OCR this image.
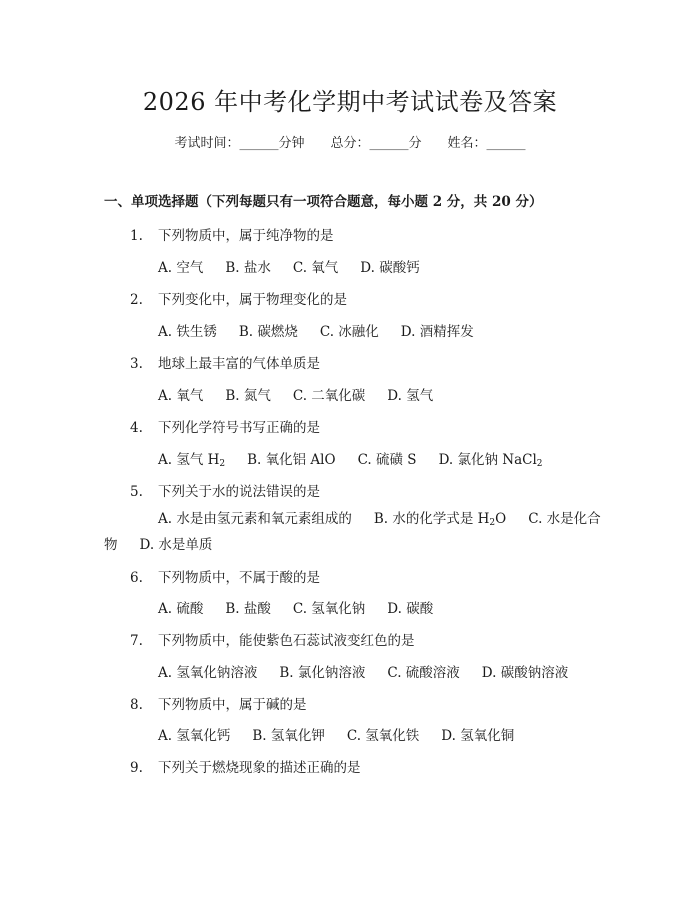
2026 年中考化学期中考试试卷及答案
考试时间：______分钟 总分：______分 姓名：______
一、单项选择题（下列每题只有一项符合题意，每小题 2 分，共 20 分）
1. 下列物质中，属于纯净物的是
A. 空气 B. 盐水 C. 氧气 D. 碳酸钙
2. 下列变化中，属于物理变化的是
A. 铁生锈 B. 碳燃烧 C. 冰融化 D. 酒精挥发
3. 地球上最丰富的气体单质是
A. 氧气 B. 氮气 C. 二氧化碳 D. 氢气
4. 下列化学符号书写正确的是
A. 氢气 $H_2$ B. 氧化铝 AlO C. 硫磺 S D. 氯化钠 NaCl$_2$
5. 下列关于水的说法错误的是
A. 水是由氢元素和氧元素组成的 B. 水的化学式是 $H_2O$ C. 水是化合物 D. 水是单质
6. 下列物质中，不属于酸的是
A. 硫酸 B. 盐酸 C. 氢氧化钠 D. 碳酸
7. 下列物质中，能使紫色石蕊试液变红色的是
A. 氢氧化钠溶液 B. 氯化钠溶液 C. 硫酸溶液 D. 碳酸钠溶液
8. 下列物质中，属于碱的是
A. 氢氧化钙 B. 氢氧化钾 C. 氢氧化铁 D. 氢氧化铜
9. 下列关于燃烧现象的描述正确的是
